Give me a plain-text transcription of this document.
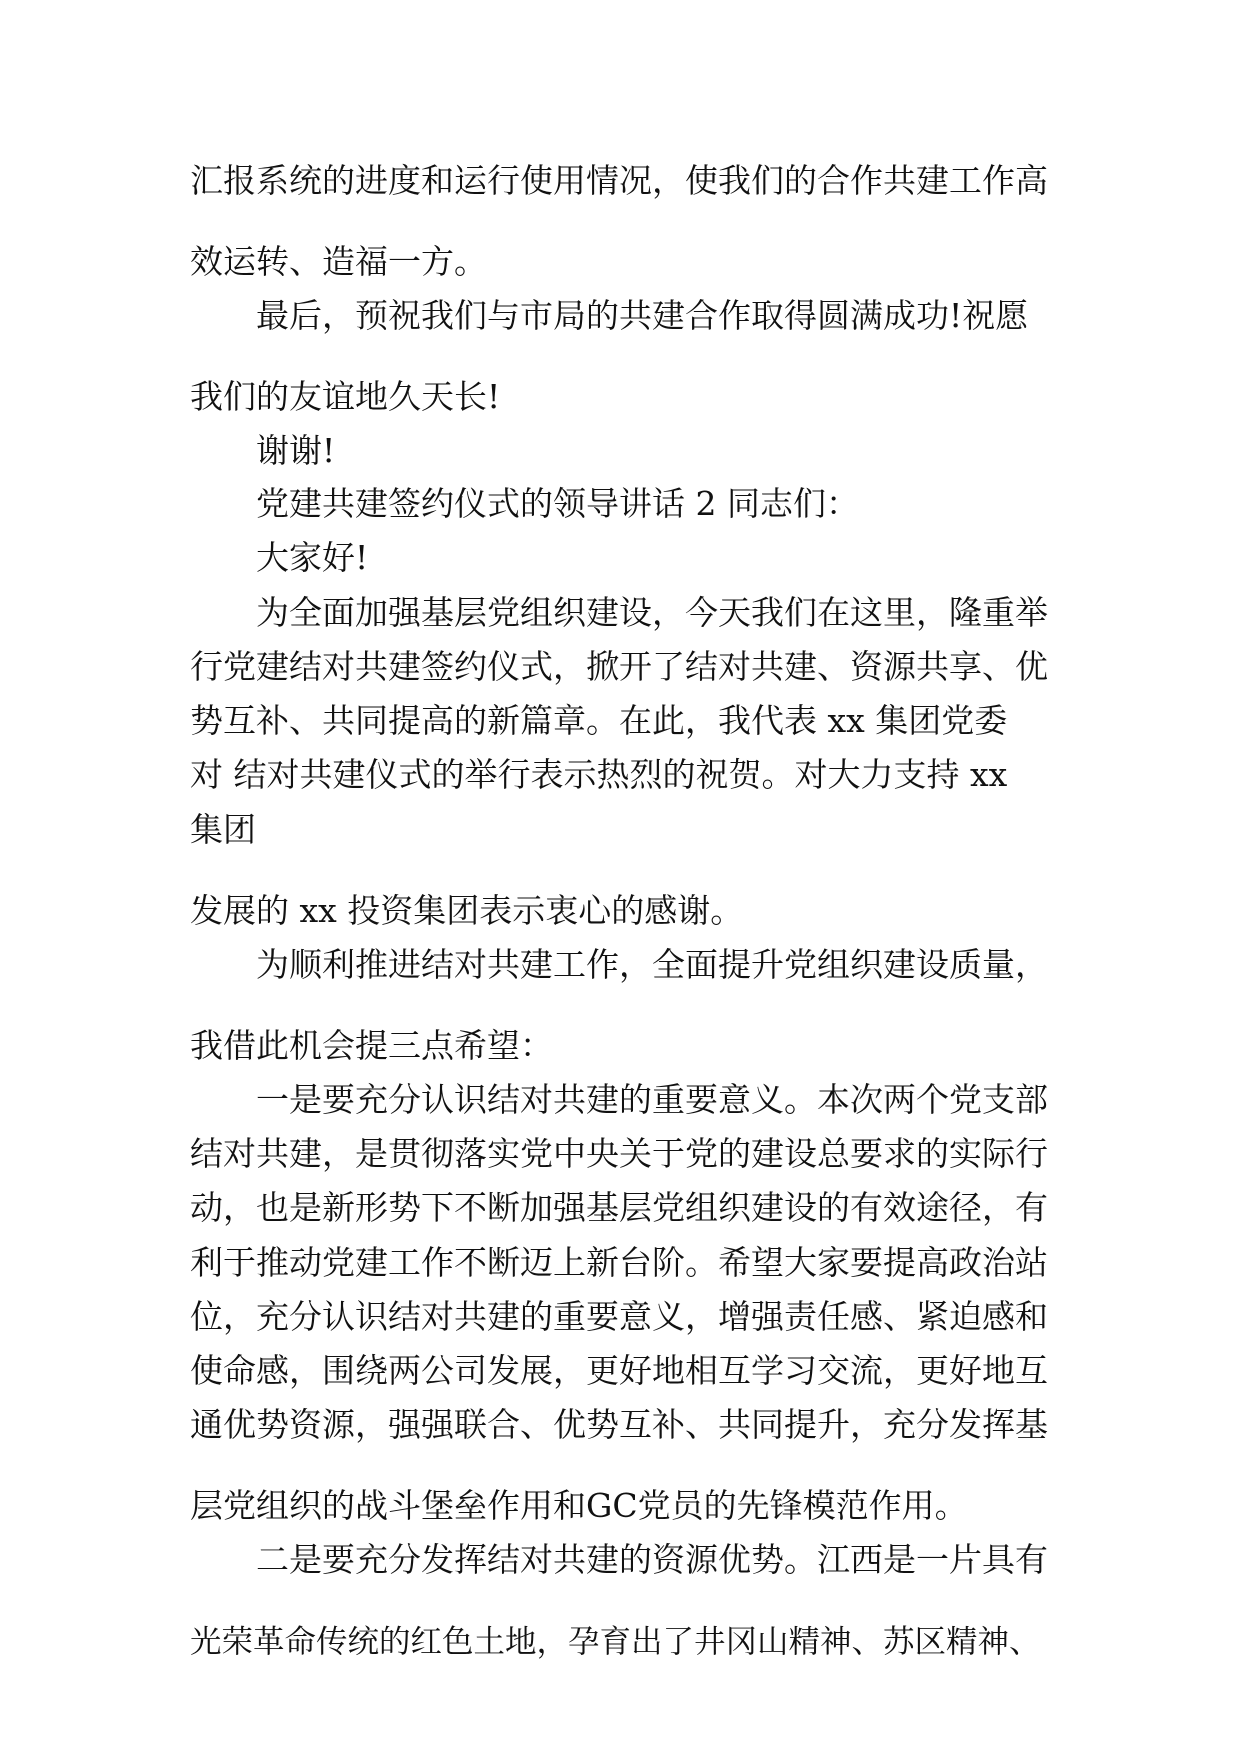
汇报系统的进度和运行使用情况，使我们的合作共建工作高
效运转、造福一方。
最后，预祝我们与市局的共建合作取得圆满成功!祝愿
我们的友谊地久天长!
谢谢!
党建共建签约仪式的领导讲话 2 同志们：
大家好!
为全面加强基层党组织建设，今天我们在这里，隆重举
行党建结对共建签约仪式，掀开了结对共建、资源共享、优
势互补、共同提高的新篇章。在此，我代表 xx 集团党委
对 结对共建仪式的举行表示热烈的祝贺。对大力支持 xx
集团
发展的 xx 投资集团表示衷心的感谢。
为顺利推进结对共建工作，全面提升党组织建设质量，
我借此机会提三点希望：
一是要充分认识结对共建的重要意义。本次两个党支部
结对共建，是贯彻落实党中央关于党的建设总要求的实际行
动，也是新形势下不断加强基层党组织建设的有效途径，有
利于推动党建工作不断迈上新台阶。希望大家要提高政治站
位，充分认识结对共建的重要意义，增强责任感、紧迫感和
使命感，围绕两公司发展，更好地相互学习交流，更好地互
通优势资源，强强联合、优势互补、共同提升，充分发挥基
层党组织的战斗堡垒作用和GC党员的先锋模范作用。
二是要充分发挥结对共建的资源优势。江西是一片具有
光荣革命传统的红色土地，孕育出了井冈山精神、苏区精神、
